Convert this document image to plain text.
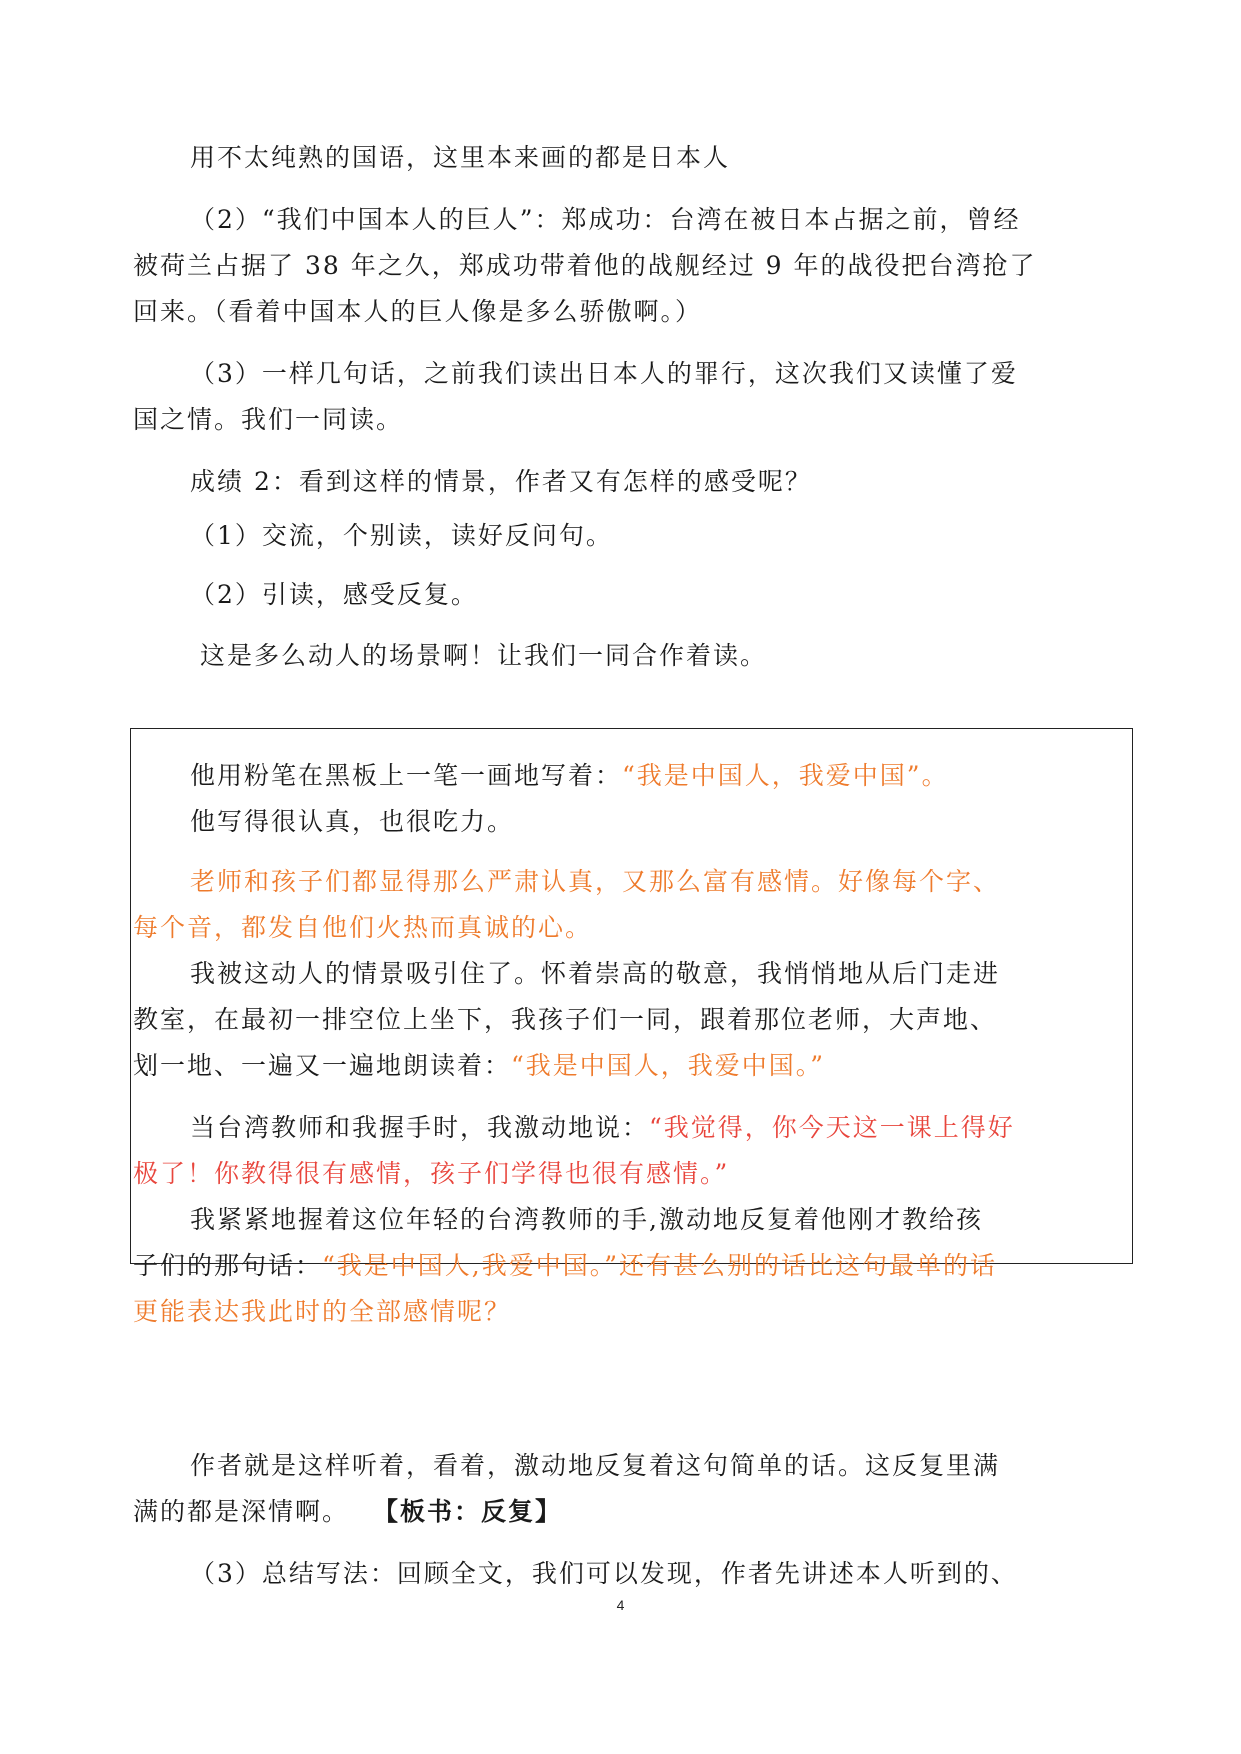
用不太纯熟的国语，这里本来画的都是日本人
（2）“我们中国本人的巨人”：郑成功：台湾在被日本占据之前，曾经
被荷兰占据了 38 年之久，郑成功带着他的战舰经过 9 年的战役把台湾抢了
回来。（看着中国本人的巨人像是多么骄傲啊。）
（3）一样几句话，之前我们读出日本人的罪行，这次我们又读懂了爱
国之情。我们一同读。
成绩 2：看到这样的情景，作者又有怎样的感受呢？
（1）交流，个别读，读好反问句。
（2）引读，感受反复。
这是多么动人的场景啊！让我们一同合作着读。
他用粉笔在黑板上一笔一画地写着：“我是中国人，我爱中国”。
他写得很认真，也很吃力。
老师和孩子们都显得那么严肃认真，又那么富有感情。好像每个字、
每个音，都发自他们火热而真诚的心。
我被这动人的情景吸引住了。怀着崇高的敬意，我悄悄地从后门走进
教室，在最初一排空位上坐下，我孩子们一同，跟着那位老师，大声地、
划一地、一遍又一遍地朗读着：“我是中国人，我爱中国。”
当台湾教师和我握手时，我激动地说：“我觉得，你今天这一课上得好
极了！你教得很有感情，孩子们学得也很有感情。”
我紧紧地握着这位年轻的台湾教师的手,激动地反复着他刚才教给孩
子们的那句话：“我是中国人,我爱中国。”还有甚么别的话比这句最单的话
更能表达我此时的全部感情呢？
作者就是这样听着，看着，激动地反复着这句简单的话。这反复里满
满的都是深情啊。 【板书：反复】
（3）总结写法：回顾全文，我们可以发现，作者先讲述本人听到的、
4
